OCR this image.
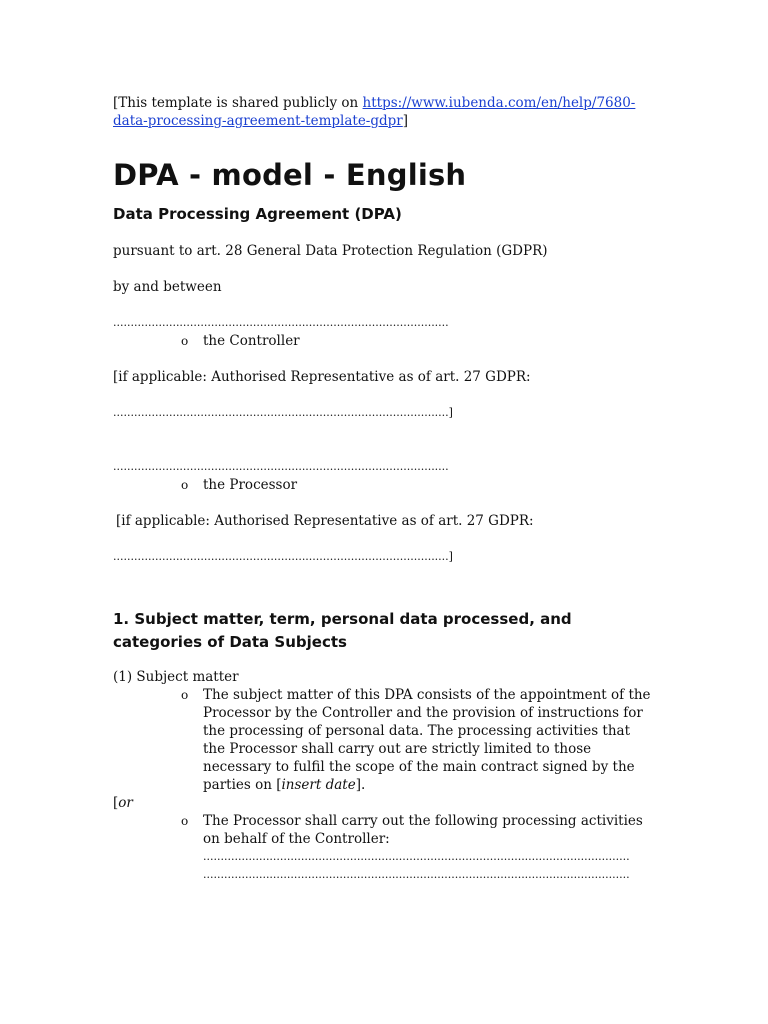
[This template is shared publicly on https://www.iubenda.com/en/help/7680-data-processing-agreement-template-gdpr]

DPA - model - English
Data Processing Agreement (DPA)

pursuant to art. 28 General Data Protection Regulation (GDPR)

by and between

................................................................................................

o	the Controller

[if applicable: Authorised Representative as of art. 27 GDPR:

................................................................................................]

................................................................................................

o	the Processor

[if applicable: Authorised Representative as of art. 27 GDPR:

................................................................................................]

1. Subject matter, term, personal data processed, and categories of Data Subjects

(1) Subject matter

o	The subject matter of this DPA consists of the appointment of the Processor by the Controller and the provision of instructions for the processing of personal data. The processing activities that the Processor shall carry out are strictly limited to those necessary to fulfil the scope of the main contract signed by the parties on [insert date].

[or

o	The Processor shall carry out the following processing activities on behalf of the Controller:
..........................................................................................................................
..........................................................................................................................
